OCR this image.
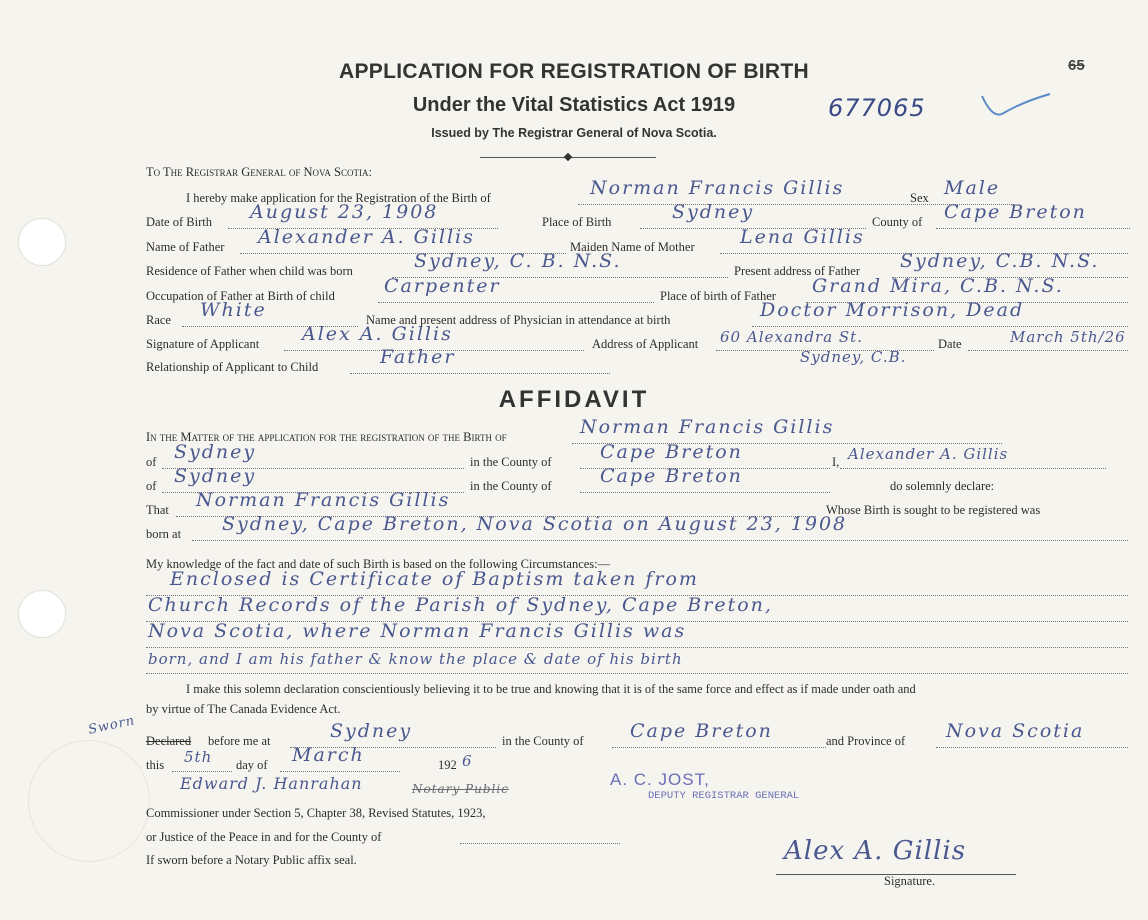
APPLICATION FOR REGISTRATION OF BIRTH
Under the Vital Statistics Act 1919	677065
Issued by The Registrar General of Nova Scotia.
65
To The Registrar General of Nova Scotia:
I hereby make application for the Registration of the Birth of	Norman Francis Gillis	Sex Male
Date of Birth August 23, 1908	Place of Birth	Sydney	County of Cape Breton
Name of Father Alexander A. Gillis	Maiden Name of Mother Lena Gillis
Residence of Father when child was born	Sydney, C. B. N.S.	Present address of Father Sydney, C.B. N.S.
Occupation of Father at Birth of child	Carpenter	Place of birth of Father Grand Mira, C.B. N.S.
Race White	Name and present address of Physician in attendance at birth	Doctor Morrison, Dead
Signature of Applicant Alex A. Gillis	Address of Applicant 60 Alexandra St.
Sydney, C.B.
Date	March 5th/26
Relationship of Applicant to Child	Father
AFFIDAVIT
In the Matter of the application for the registration of the Birth of	Norman Francis Gillis
of Sydney	in the County of	Cape Breton	I, Alexander A. Gillis
of Sydney	in the County of	Cape Breton	do solemnly declare:
That Norman Francis Gillis	Whose Birth is sought to be registered was
born at Sydney, Cape Breton, Nova Scotia on August 23, 1908
My knowledge of the fact and date of such Birth is based on the following Circumstances:—
Enclosed is Certificate of Baptism taken from
Church Records of the Parish of Sydney, Cape Breton,
Nova Scotia, where Norman Francis Gillis was
born, and I am his father & know the place & date of his birth
I make this solemn declaration conscientiously believing it to be true and knowing that it is of the same force and effect as if made under oath and
by virtue of The Canada Evidence Act.
Sworn
Declared before me at	Sydney	in the County of Cape Breton	and Province of Nova Scotia
this 5th day of March	192 6
Edward J. Hanrahan	Notary Public	A. C. JOST,
DEPUTY REGISTRAR GENERAL
Commissioner under Section 5, Chapter 38, Revised Statutes, 1923,
or Justice of the Peace in and for the County of
If sworn before a Notary Public affix seal.	Alex A. Gillis
Signature.
